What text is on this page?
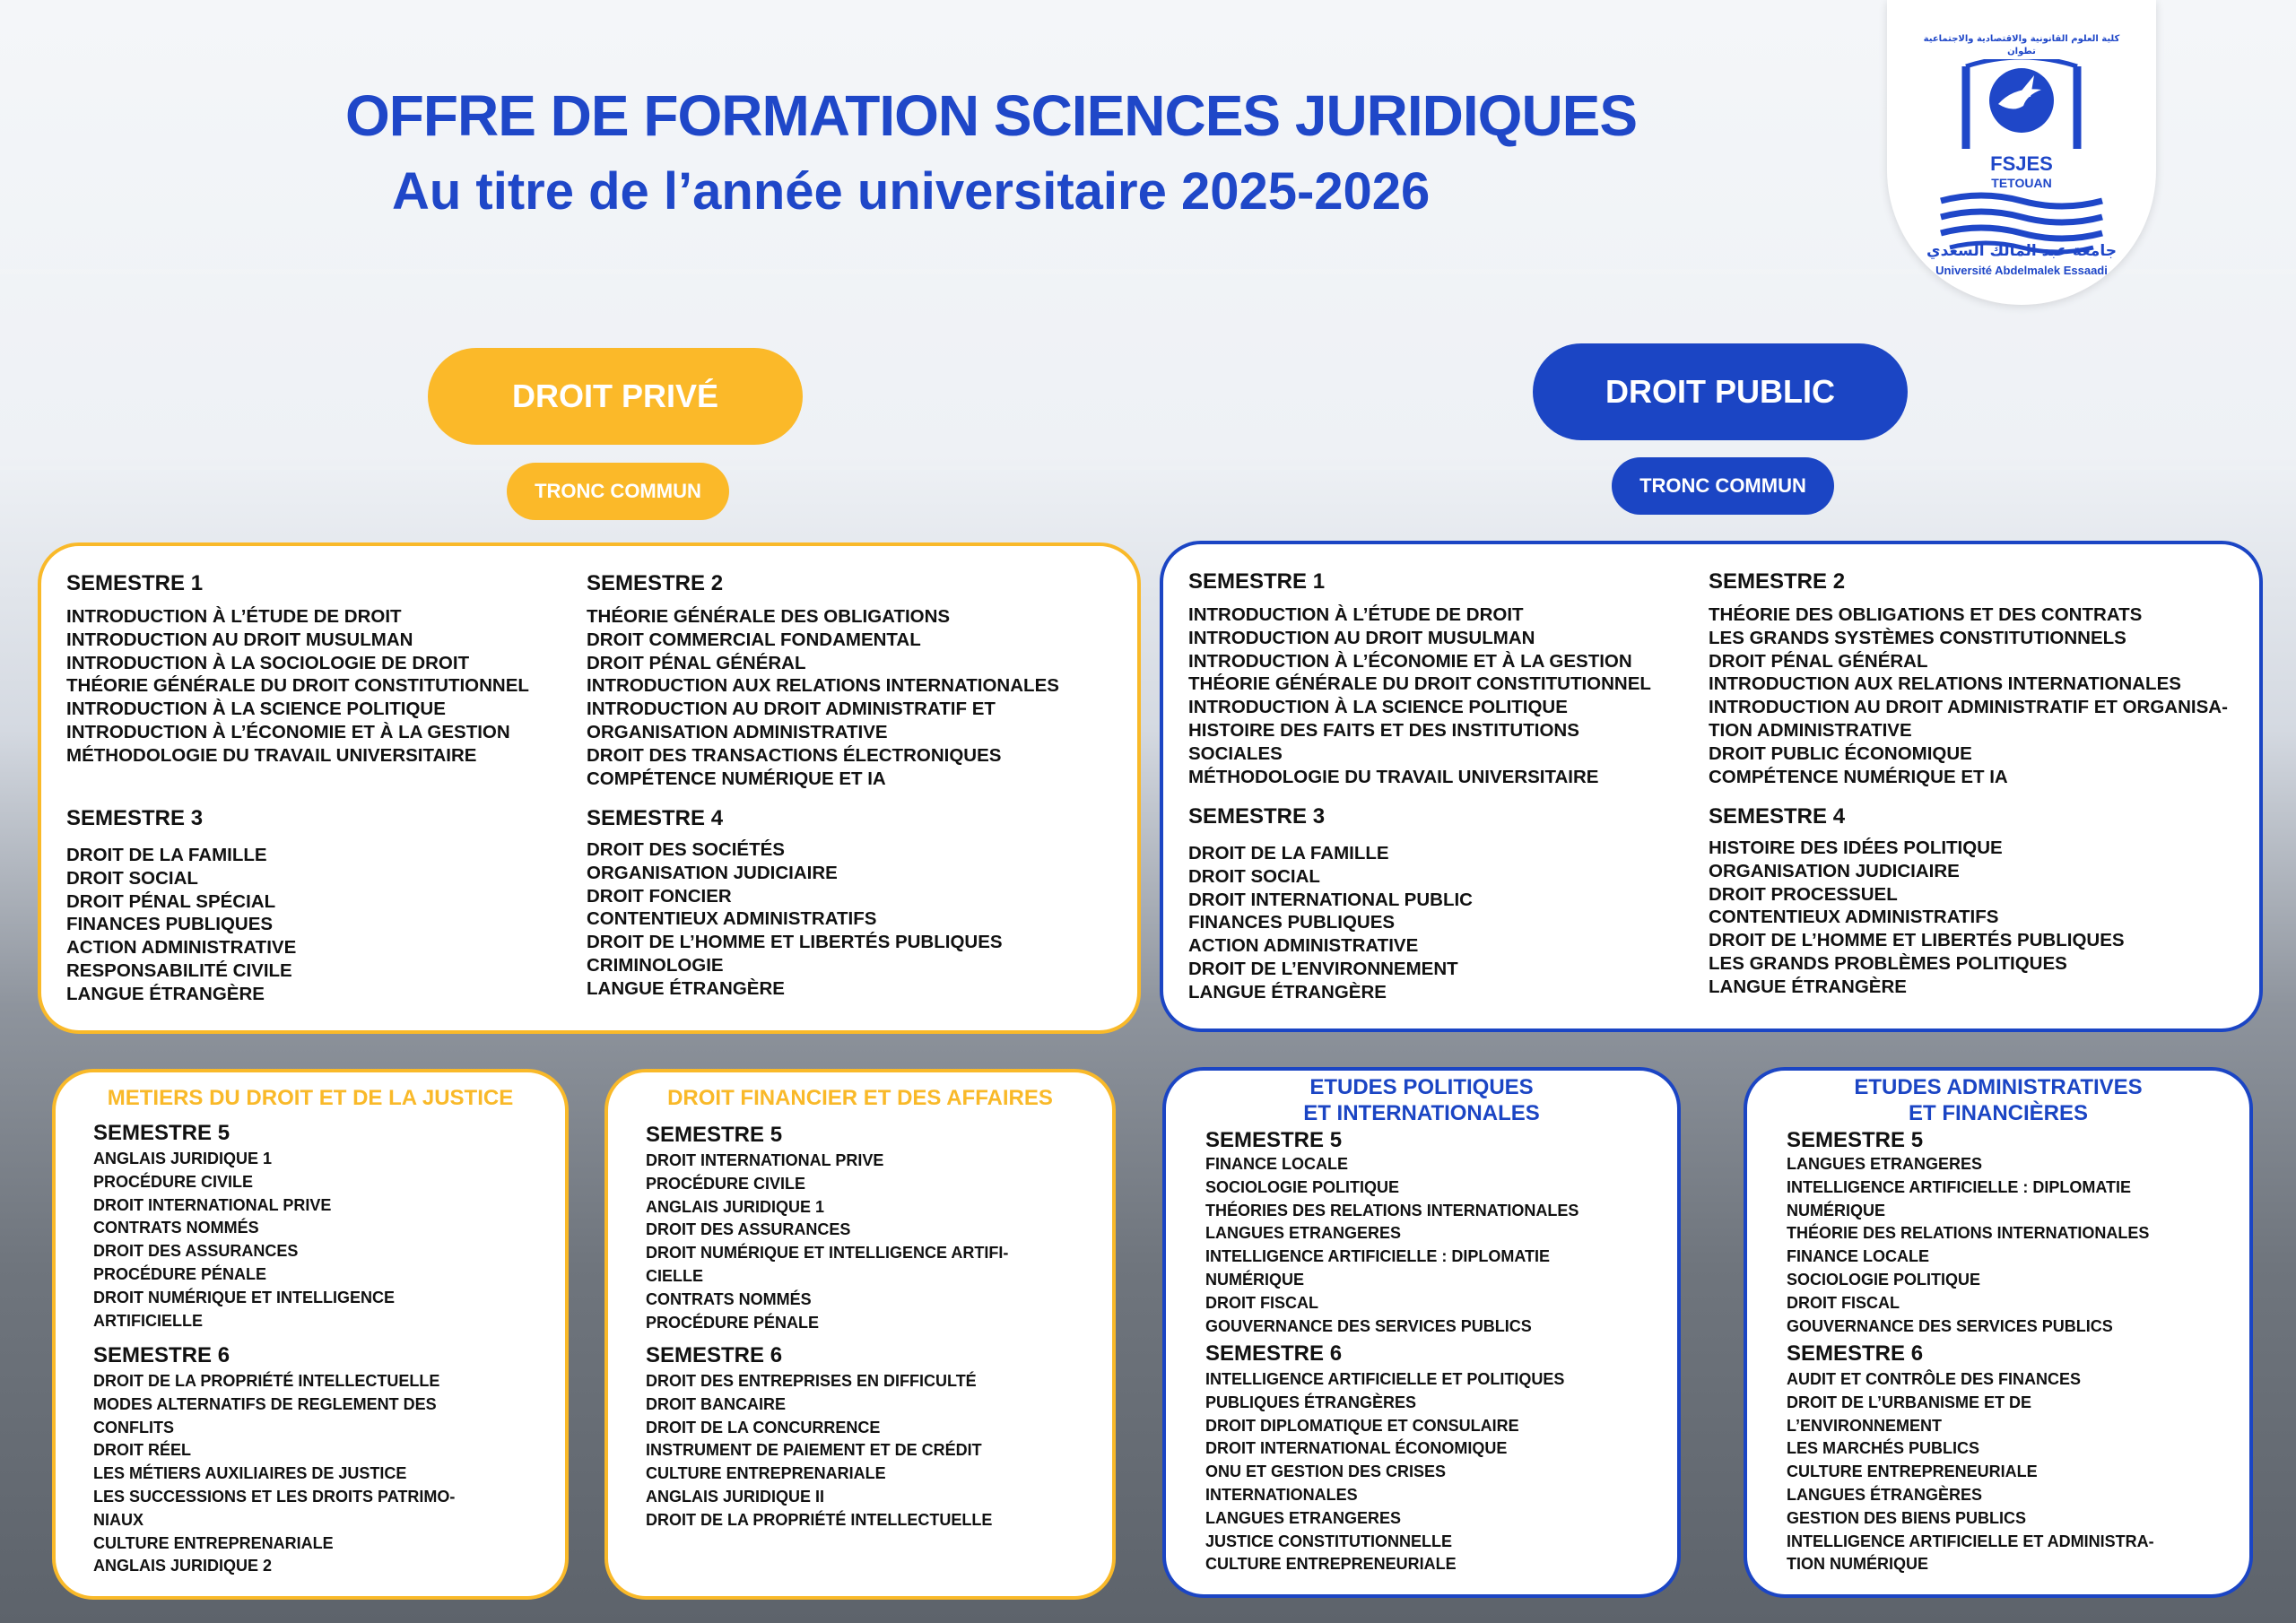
OFFRE DE FORMATION SCIENCES JURIDIQUES
Au titre de l’année universitaire 2025-2026
كلية العلوم القانونية والاقتصادية والاجتماعية
تطوان
FSJES
TETOUAN
جامعة عبد المالك السعدي
Université Abdelmalek Essaadi
DROIT PRIVÉ
TRONC COMMUN
DROIT PUBLIC
TRONC COMMUN
SEMESTRE 1
INTRODUCTION À L’ÉTUDE DE DROIT
INTRODUCTION AU DROIT MUSULMAN
INTRODUCTION À LA SOCIOLOGIE DE DROIT
THÉORIE GÉNÉRALE DU DROIT CONSTITUTIONNEL
INTRODUCTION À LA SCIENCE POLITIQUE
INTRODUCTION À L’ÉCONOMIE ET À LA GESTION
MÉTHODOLOGIE DU TRAVAIL UNIVERSITAIRE
SEMESTRE 2
THÉORIE GÉNÉRALE DES OBLIGATIONS
DROIT COMMERCIAL FONDAMENTAL
DROIT PÉNAL GÉNÉRAL
INTRODUCTION AUX RELATIONS INTERNATIONALES
INTRODUCTION AU DROIT ADMINISTRATIF ET
ORGANISATION ADMINISTRATIVE
DROIT DES TRANSACTIONS ÉLECTRONIQUES
COMPÉTENCE NUMÉRIQUE ET IA
SEMESTRE 3
DROIT DE LA FAMILLE
DROIT SOCIAL
DROIT PÉNAL SPÉCIAL
FINANCES PUBLIQUES
ACTION ADMINISTRATIVE
RESPONSABILITÉ CIVILE
LANGUE ÉTRANGÈRE
SEMESTRE 4
DROIT DES SOCIÉTÉS
ORGANISATION JUDICIAIRE
DROIT FONCIER
CONTENTIEUX ADMINISTRATIFS
DROIT DE L’HOMME ET LIBERTÉS PUBLIQUES
CRIMINOLOGIE
LANGUE ÉTRANGÈRE
SEMESTRE 1
INTRODUCTION À L’ÉTUDE DE DROIT
INTRODUCTION AU DROIT MUSULMAN
INTRODUCTION À L’ÉCONOMIE ET À LA GESTION
THÉORIE GÉNÉRALE DU DROIT CONSTITUTIONNEL
INTRODUCTION À LA SCIENCE POLITIQUE
HISTOIRE DES FAITS ET DES INSTITUTIONS
SOCIALES
MÉTHODOLOGIE DU TRAVAIL UNIVERSITAIRE
SEMESTRE 2
THÉORIE DES OBLIGATIONS ET DES CONTRATS
LES GRANDS SYSTÈMES CONSTITUTIONNELS
DROIT PÉNAL GÉNÉRAL
INTRODUCTION AUX RELATIONS INTERNATIONALES
INTRODUCTION AU DROIT ADMINISTRATIF ET ORGANISA-
TION ADMINISTRATIVE
DROIT PUBLIC ÉCONOMIQUE
COMPÉTENCE NUMÉRIQUE ET IA
SEMESTRE 3
DROIT DE LA FAMILLE
DROIT SOCIAL
DROIT INTERNATIONAL PUBLIC
FINANCES PUBLIQUES
ACTION ADMINISTRATIVE
DROIT DE L’ENVIRONNEMENT
LANGUE ÉTRANGÈRE
SEMESTRE 4
HISTOIRE DES IDÉES POLITIQUE
ORGANISATION JUDICIAIRE
DROIT PROCESSUEL
CONTENTIEUX ADMINISTRATIFS
DROIT DE L’HOMME ET LIBERTÉS PUBLIQUES
LES GRANDS PROBLÈMES POLITIQUES
LANGUE ÉTRANGÈRE
METIERS DU DROIT ET DE LA JUSTICE
SEMESTRE 5
ANGLAIS JURIDIQUE 1
PROCÉDURE CIVILE
DROIT INTERNATIONAL PRIVE
CONTRATS NOMMÉS
DROIT DES ASSURANCES
PROCÉDURE PÉNALE
DROIT NUMÉRIQUE ET INTELLIGENCE
ARTIFICIELLE
SEMESTRE 6
DROIT DE LA PROPRIÉTÉ INTELLECTUELLE
MODES ALTERNATIFS DE REGLEMENT DES
CONFLITS
DROIT RÉEL
LES MÉTIERS AUXILIAIRES DE JUSTICE
LES SUCCESSIONS ET LES DROITS PATRIMO-
NIAUX
CULTURE ENTREPRENARIALE
ANGLAIS JURIDIQUE 2
DROIT FINANCIER ET DES AFFAIRES
SEMESTRE 5
DROIT INTERNATIONAL PRIVE
PROCÉDURE CIVILE
ANGLAIS JURIDIQUE 1
DROIT DES ASSURANCES
DROIT NUMÉRIQUE ET INTELLIGENCE ARTIFI-
CIELLE
CONTRATS NOMMÉS
PROCÉDURE PÉNALE
SEMESTRE 6
DROIT DES ENTREPRISES EN DIFFICULTÉ
DROIT BANCAIRE
DROIT DE LA CONCURRENCE
INSTRUMENT DE PAIEMENT ET DE CRÉDIT
CULTURE ENTREPRENARIALE
ANGLAIS JURIDIQUE II
DROIT DE LA PROPRIÉTÉ INTELLECTUELLE
ETUDES POLITIQUES
ET INTERNATIONALES
SEMESTRE 5
FINANCE LOCALE
SOCIOLOGIE POLITIQUE
THÉORIES DES RELATIONS INTERNATIONALES
LANGUES ETRANGERES
INTELLIGENCE ARTIFICIELLE : DIPLOMATIE
NUMÉRIQUE
DROIT FISCAL
GOUVERNANCE DES SERVICES PUBLICS
SEMESTRE 6
INTELLIGENCE ARTIFICIELLE ET POLITIQUES
PUBLIQUES ÉTRANGÈRES
DROIT DIPLOMATIQUE ET CONSULAIRE
DROIT INTERNATIONAL ÉCONOMIQUE
ONU ET GESTION DES CRISES
INTERNATIONALES
LANGUES ETRANGERES
JUSTICE CONSTITUTIONNELLE
CULTURE ENTREPRENEURIALE
ETUDES ADMINISTRATIVES
ET FINANCIÈRES
SEMESTRE 5
LANGUES ETRANGERES
INTELLIGENCE ARTIFICIELLE : DIPLOMATIE
NUMÉRIQUE
THÉORIE DES RELATIONS INTERNATIONALES
FINANCE LOCALE
SOCIOLOGIE POLITIQUE
DROIT FISCAL
GOUVERNANCE DES SERVICES PUBLICS
SEMESTRE 6
AUDIT ET CONTRÔLE DES FINANCES
DROIT DE L’URBANISME ET DE
L’ENVIRONNEMENT
LES MARCHÉS PUBLICS
CULTURE ENTREPRENEURIALE
LANGUES ÉTRANGÈRES
GESTION DES BIENS PUBLICS
INTELLIGENCE ARTIFICIELLE ET ADMINISTRA-
TION NUMÉRIQUE
